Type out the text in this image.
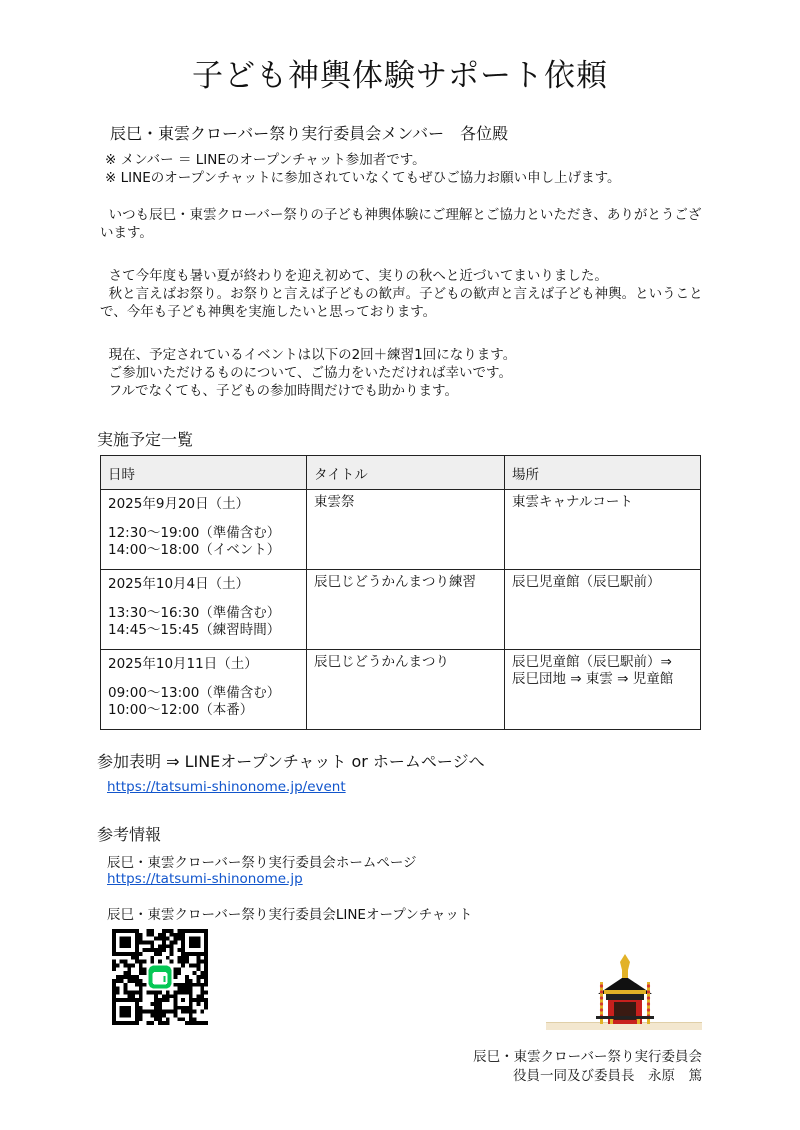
子ども神輿体験サポート依頼
辰巳・東雲クローバー祭り実行委員会メンバー　各位殿
※ メンバー ＝ LINEのオープンチャット参加者です。
※ LINEのオープンチャットに参加されていなくてもぜひご協力お願い申し上げます。
いつも辰巳・東雲クローバー祭りの子ども神輿体験にご理解とご協力といただき、ありがとうございます。
さて今年度も暑い夏が終わりを迎え初めて、実りの秋へと近づいてまいりました。
秋と言えばお祭り。お祭りと言えば子どもの歓声。子どもの歓声と言えば子ども神輿。ということで、今年も子ども神輿を実施したいと思っております。
現在、予定されているイベントは以下の2回＋練習1回になります。
ご参加いただけるものについて、ご協力をいただければ幸いです。
フルでなくても、子どもの参加時間だけでも助かります。
実施予定一覧
日時	タイトル	場所

2025年9月20日（土）
12:30〜19:00（準備含む）
14:00〜18:00（イベント）	東雲祭	東雲キャナルコート

2025年10月4日（土）
13:30〜16:30（準備含む）
14:45〜15:45（練習時間）	辰巳じどうかんまつり練習	辰巳児童館（辰巳駅前）

2025年10月11日（土）
09:00〜13:00（準備含む）
10:00〜12:00（本番）	辰巳じどうかんまつり	辰巳児童館（辰巳駅前）⇒
辰巳団地 ⇒ 東雲 ⇒ 児童館
参加表明 ⇒ LINEオープンチャット or ホームページへ
https://tatsumi-shinonome.jp/event
参考情報
辰巳・東雲クローバー祭り実行委員会ホームページ
https://tatsumi-shinonome.jp
辰巳・東雲クローバー祭り実行委員会LINEオープンチャット
辰巳・東雲クローバー祭り実行委員会
役員一同及び委員長　永原　篤
